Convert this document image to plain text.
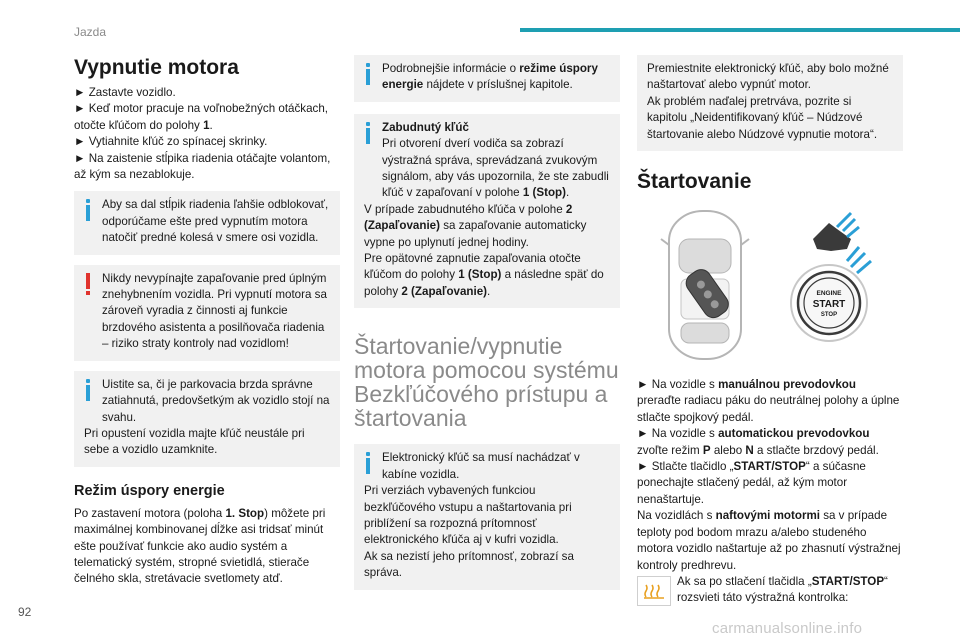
Jazda
Vypnutie motora

► Zastavte vozidlo.

► Keď motor pracuje na voľnobežných otáčkach, otočte kľúčom do polohy 1.

► Vytiahnite kľúč zo spínacej skrinky.

► Na zaistenie stĺpika riadenia otáčajte volantom, až kým sa nezablokuje.

Aby sa dal stĺpik riadenia ľahšie odblokovať, odporúčame ešte pred vypnutím motora natočiť predné kolesá v smere osi vozidla.

Nikdy nevypínajte zapaľovanie pred úplným znehybnením vozidla. Pri vypnutí motora sa zároveň vyradia z činnosti aj funkcie brzdového asistenta a posilňovača riadenia – riziko straty kontroly nad vozidlom!

Uistite sa, či je parkovacia brzda správne zatiahnutá, predovšetkým ak vozidlo stojí na svahu.

Pri opustení vozidla majte kľúč neustále pri sebe a vozidlo uzamknite.

Režim úspory energie

Po zastavení motora (poloha 1. Stop) môžete pri maximálnej kombinovanej dĺžke asi tridsať minút ešte používať funkcie ako audio systém a telematický systém, stropné svietidlá, stierače čelného skla, stretávacie svetlomety atď.

Podrobnejšie informácie o režime úspory energie nájdete v príslušnej kapitole.

Zabudnutý kľúč

Pri otvorení dverí vodiča sa zobrazí výstražná správa, sprevádzaná zvukovým signálom, aby vás upozornila, že ste zabudli kľúč v zapaľovaní v polohe 1 (Stop).

V prípade zabudnutého kľúča v polohe 2 (Zapaľovanie) sa zapaľovanie automaticky vypne po uplynutí jednej hodiny.

Pre opätovné zapnutie zapaľovania otočte kľúčom do polohy 1 (Stop) a následne späť do polohy 2 (Zapaľovanie).

Štartovanie/vypnutie motora pomocou systému Bezkľúčového prístupu a štartovania

Elektronický kľúč sa musí nachádzať v kabíne vozidla.

Pri verziách vybavených funkciou bezkľúčového vstupu a naštartovania pri priblížení sa rozpozná prítomnosť elektronického kľúča aj v kufri vozidla.

Ak sa nezistí jeho prítomnosť, zobrazí sa správa.

Premiestnite elektronický kľúč, aby bolo možné naštartovať alebo vypnúť motor.

Ak problém naďalej pretrváva, pozrite si kapitolu „Neidentifikovaný kľúč – Núdzové štartovanie alebo Núdzové vypnutie motora“.

Štartovanie
ENGINE
START
STOP

► Na vozidle s manuálnou prevodovkou preraďte radiacu páku do neutrálnej polohy a úplne stlačte spojkový pedál.

► Na vozidle s automatickou prevodovkou zvoľte režim P alebo N a stlačte brzdový pedál.

► Stlačte tlačidlo „START/STOP“ a súčasne ponechajte stlačený pedál, až kým motor nenaštartuje.

Na vozidlách s naftovými motormi sa v prípade teploty pod bodom mrazu a/alebo studeného motora vozidlo naštartuje až po zhasnutí výstražnej kontroly predhrevu.

Ak sa po stlačení tlačidla „START/STOP“ rozsvieti táto výstražná kontrolka:

92
carmanualsonline.info
